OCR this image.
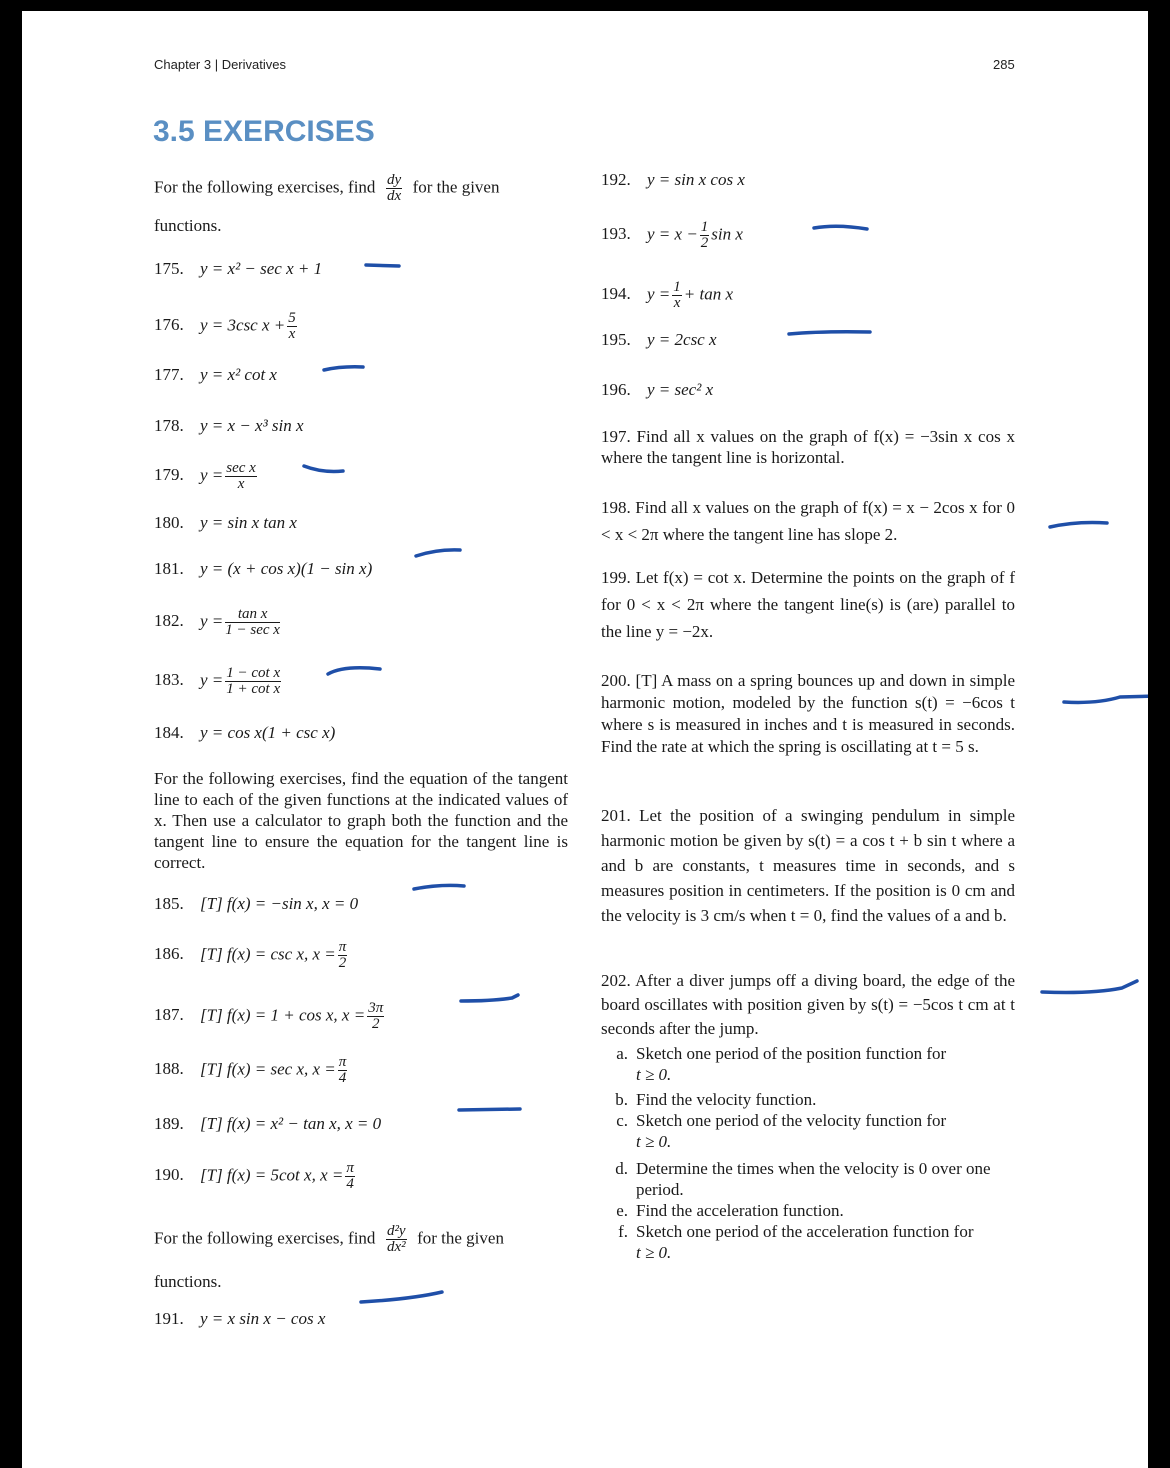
Chapter 3 | Derivatives	285
3.5 EXERCISES
For the following exercises, find $\frac{dy}{dx}$ for the given
functions.
175. y = x² − sec x + 1
176. y = 3csc $x + \frac{5}{x}$
177. y = x² cot x
178. y = x − x³ sin x
179. $y = \frac{\text{sec x}}{x}$
180. y = sin x tan x
181. y = (x + cos x)(1 − sin x)
182. $y = \frac{\text{tan x}}{\text{1 − sec x}}$
183. $y = \frac{\text{1 − cot x}}{\text{1 + cot x}}$
184. y = cos x(1 + csc x)
For the following exercises, find the equation of the tangent line to each of the given functions at the indicated values of x. Then use a calculator to graph both the function and the tangent line to ensure the equation for the tangent line is correct.
185. [T] f(x) = −sin x, x = 0
186. [T] f(x) = csc x, $x = \frac{\pi}{2}$
187. [T] f(x) = 1 + cos x, $x = \frac{3\pi}{2}$
188. [T] f(x) = sec x, $x = \frac{\pi}{4}$
189. [T] f(x) = x² − tan x, x = 0
190. [T] f(x) = 5cot x, $x = \frac{\pi}{4}$
For the following exercises, find $\frac{\text{d²y}}{\text{dx²}}$ for the given
functions.
191. y = x sin x − cos x
192. y = sin x cos x
193. $y = x - \frac{1}{2}$ sin x
194. $y = \frac{1}{x} + \tan x$
195. y = 2csc x
196. y = sec² x
197. Find all x values on the graph of f(x) = −3sin x cos x where the tangent line is horizontal.
198. Find all x values on the graph of f(x) = x − 2cos x for 0 < x < 2π where the tangent line has slope 2.
199. Let f(x) = cot x. Determine the points on the graph of f for 0 < x < 2π where the tangent line(s) is (are) parallel to the line y = −2x.
200. [T] A mass on a spring bounces up and down in simple harmonic motion, modeled by the function s(t) = −6cos t where s is measured in inches and t is measured in seconds. Find the rate at which the spring is oscillating at t = 5 s.
201. Let the position of a swinging pendulum in simple harmonic motion be given by s(t) = a cos t + b sin t where a and b are constants, t measures time in seconds, and s measures position in centimeters. If the position is 0 cm and the velocity is 3 cm/s when t = 0, find the values of a and b.
202. After a diver jumps off a diving board, the edge of the board oscillates with position given by s(t) = −5cos t cm at t seconds after the jump.
a. Sketch one period of the position function for
t ≥ 0.
b. Find the velocity function.
c. Sketch one period of the velocity function for
t ≥ 0.
d. Determine the times when the velocity is 0 over one
period.
e. Find the acceleration function.
f. Sketch one period of the acceleration function for
t ≥ 0.
